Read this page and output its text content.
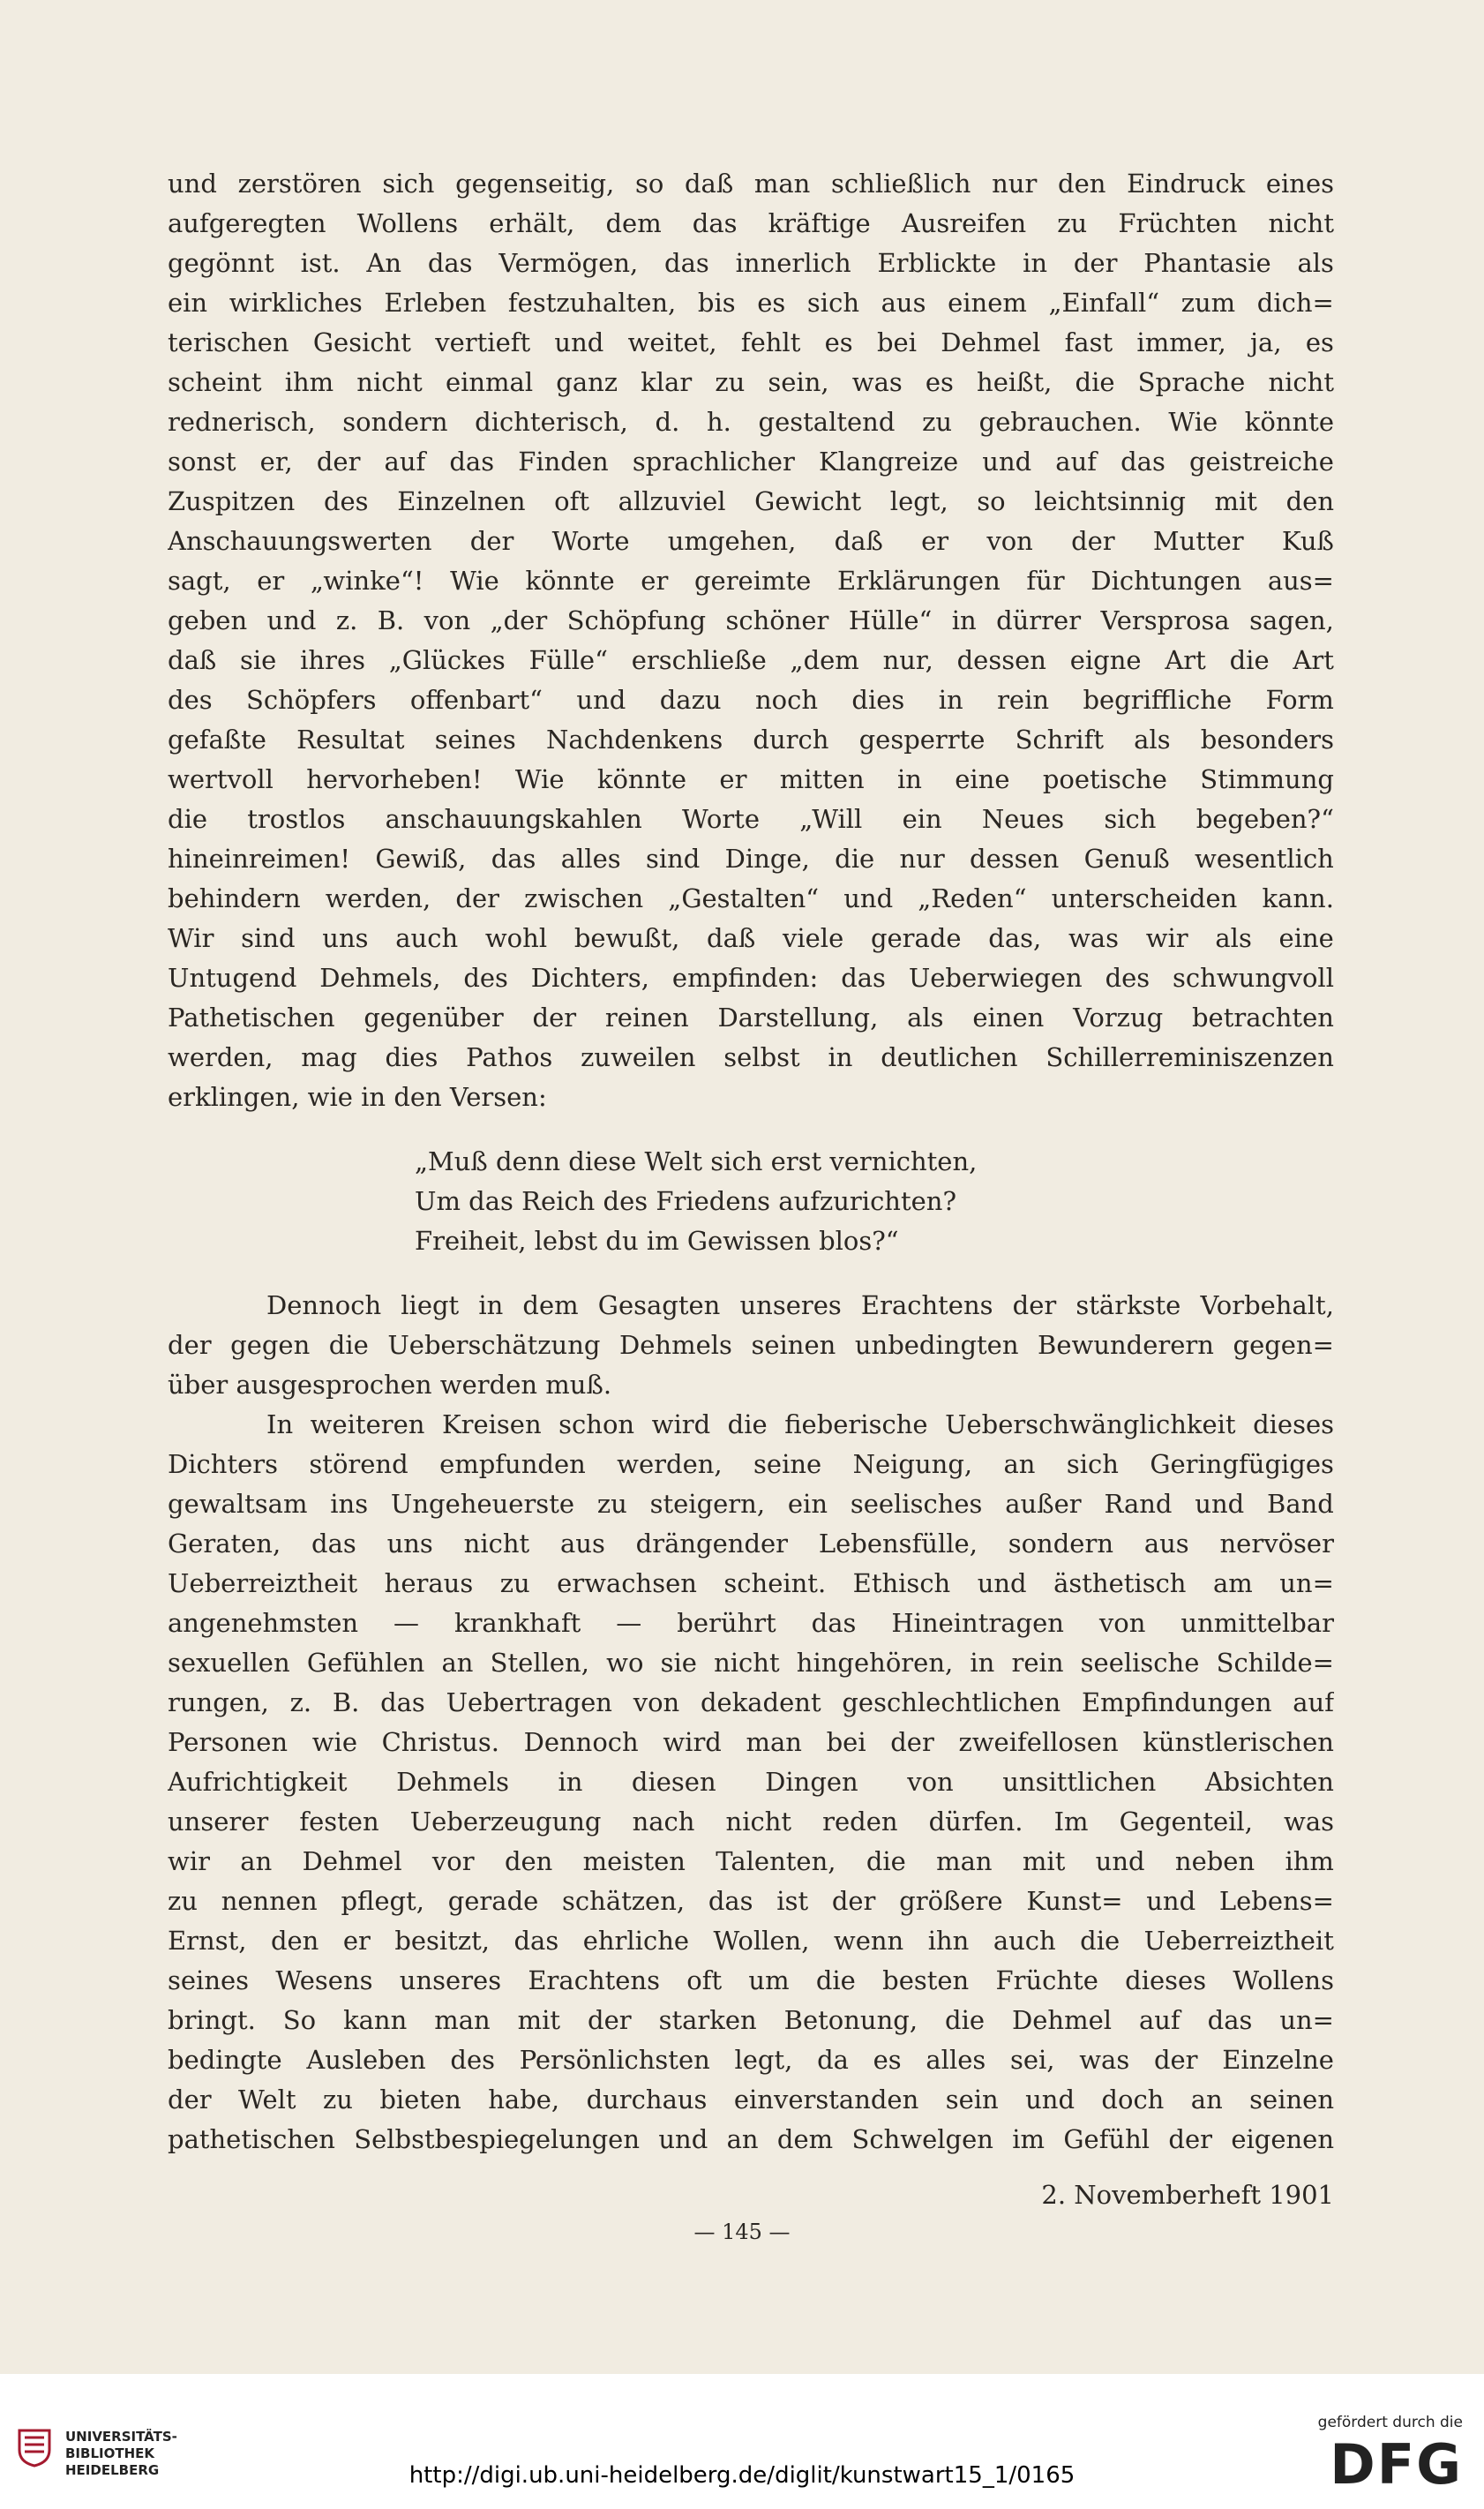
und zerstören sich gegenseitig, so daß man schließlich nur den Eindruck eines
aufgeregten Wollens erhält, dem das kräftige Ausreifen zu Früchten nicht
gegönnt ist. An das Vermögen, das innerlich Erblickte in der Phantasie als
ein wirkliches Erleben festzuhalten, bis es sich aus einem „Einfall“ zum dich=
terischen Gesicht vertieft und weitet, fehlt es bei Dehmel fast immer, ja, es
scheint ihm nicht einmal ganz klar zu sein, was es heißt, die Sprache nicht
rednerisch, sondern dichterisch, d. h. gestaltend zu gebrauchen. Wie könnte
sonst er, der auf das Finden sprachlicher Klangreize und auf das geistreiche
Zuspitzen des Einzelnen oft allzuviel Gewicht legt, so leichtsinnig mit den
Anschauungswerten der Worte umgehen, daß er von der Mutter Kuß
sagt, er „winke“! Wie könnte er gereimte Erklärungen für Dichtungen aus=
geben und z. B. von „der Schöpfung schöner Hülle“ in dürrer Versprosa sagen,
daß sie ihres „Glückes Fülle“ erschließe „dem nur, dessen eigne Art die Art
des Schöpfers offenbart“ und dazu noch dies in rein begriffliche Form
gefaßte Resultat seines Nachdenkens durch gesperrte Schrift als besonders
wertvoll hervorheben! Wie könnte er mitten in eine poetische Stimmung
die trostlos anschauungskahlen Worte „Will ein Neues sich begeben?“
hineinreimen! Gewiß, das alles sind Dinge, die nur dessen Genuß wesentlich
behindern werden, der zwischen „Gestalten“ und „Reden“ unterscheiden kann.
Wir sind uns auch wohl bewußt, daß viele gerade das, was wir als eine
Untugend Dehmels, des Dichters, empfinden: das Ueberwiegen des schwungvoll
Pathetischen gegenüber der reinen Darstellung, als einen Vorzug betrachten
werden, mag dies Pathos zuweilen selbst in deutlichen Schillerreminiszenzen
erklingen, wie in den Versen:
„Muß denn diese Welt sich erst vernichten,
Um das Reich des Friedens aufzurichten?
Freiheit, lebst du im Gewissen blos?“
Dennoch liegt in dem Gesagten unseres Erachtens der stärkste Vorbehalt,
der gegen die Ueberschätzung Dehmels seinen unbedingten Bewunderern gegen=
über ausgesprochen werden muß.
In weiteren Kreisen schon wird die fieberische Ueberschwänglichkeit dieses
Dichters störend empfunden werden, seine Neigung, an sich Geringfügiges
gewaltsam ins Ungeheuerste zu steigern, ein seelisches außer Rand und Band
Geraten, das uns nicht aus drängender Lebensfülle, sondern aus nervöser
Ueberreiztheit heraus zu erwachsen scheint. Ethisch und ästhetisch am un=
angenehmsten — krankhaft — berührt das Hineintragen von unmittelbar
sexuellen Gefühlen an Stellen, wo sie nicht hingehören, in rein seelische Schilde=
rungen, z. B. das Uebertragen von dekadent geschlechtlichen Empfindungen auf
Personen wie Christus. Dennoch wird man bei der zweifellosen künstlerischen
Aufrichtigkeit Dehmels in diesen Dingen von unsittlichen Absichten
unserer festen Ueberzeugung nach nicht reden dürfen. Im Gegenteil, was
wir an Dehmel vor den meisten Talenten, die man mit und neben ihm
zu nennen pflegt, gerade schätzen, das ist der größere Kunst= und Lebens=
Ernst, den er besitzt, das ehrliche Wollen, wenn ihn auch die Ueberreiztheit
seines Wesens unseres Erachtens oft um die besten Früchte dieses Wollens
bringt. So kann man mit der starken Betonung, die Dehmel auf das un=
bedingte Ausleben des Persönlichsten legt, da es alles sei, was der Einzelne
der Welt zu bieten habe, durchaus einverstanden sein und doch an seinen
pathetischen Selbstbespiegelungen und an dem Schwelgen im Gefühl der eigenen
2. Novemberheft 1901
— 145 —
UNIVERSITÄTS-
BIBLIOTHEK
HEIDELBERG	http://digi.ub.uni-heidelberg.de/diglit/kunstwart15_1/0165
gefördert durch die
DFG
